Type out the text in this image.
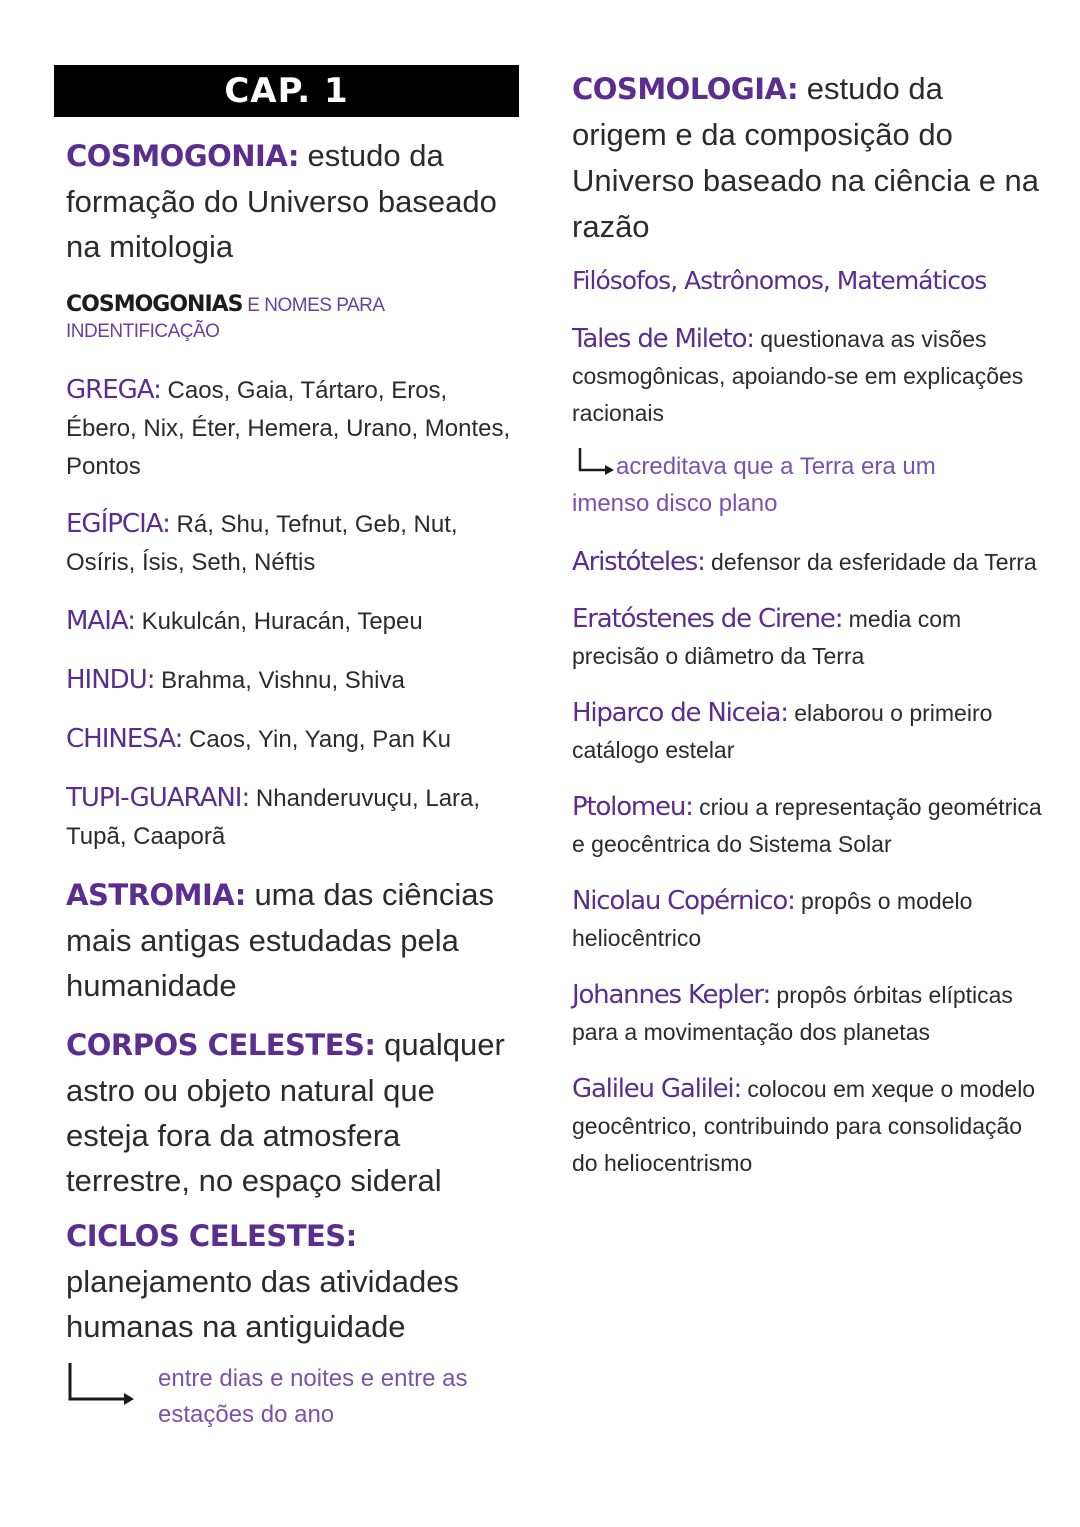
CAP. 1

COSMOGONIA: estudo da formação do Universo baseado na mitologia

COSMOGONIAS E NOMES PARA INDENTIFICAÇÃO

GREGA: Caos, Gaia, Tártaro, Eros, Ébero, Nix, Éter, Hemera, Urano, Montes, Pontos

EGÍPCIA: Rá, Shu, Tefnut, Geb, Nut, Osíris, Ísis, Seth, Néftis

MAIA: Kukulcán, Huracán, Tepeu

HINDU: Brahma, Vishnu, Shiva

CHINESA: Caos, Yin, Yang, Pan Ku

TUPI-GUARANI: Nhanderuvuçu, Lara, Tupã, Caaporã

ASTROMIA: uma das ciências mais antigas estudadas pela humanidade

CORPOS CELESTES: qualquer astro ou objeto natural que esteja fora da atmosfera terrestre, no espaço sideral

CICLOS CELESTES: planejamento das atividades humanas na antiguidade

entre dias e noites e entre as estações do ano
COSMOLOGIA: estudo da origem e da composição do Universo baseado na ciência e na razão
Filósofos, Astrônomos, Matemáticos
Tales de Mileto: questionava as visões cosmogônicas, apoiando-se em explicações racionais
acreditava que a Terra era um
imenso disco plano
Aristóteles: defensor da esferidade da Terra
Eratóstenes de Cirene: media com precisão o diâmetro da Terra
Hiparco de Niceia: elaborou o primeiro catálogo estelar
Ptolomeu: criou a representação geométrica e geocêntrica do Sistema Solar
Nicolau Copérnico: propôs o modelo heliocêntrico
Johannes Kepler: propôs órbitas elípticas para a movimentação dos planetas
Galileu Galilei: colocou em xeque o modelo geocêntrico, contribuindo para consolidação do heliocentrismo
